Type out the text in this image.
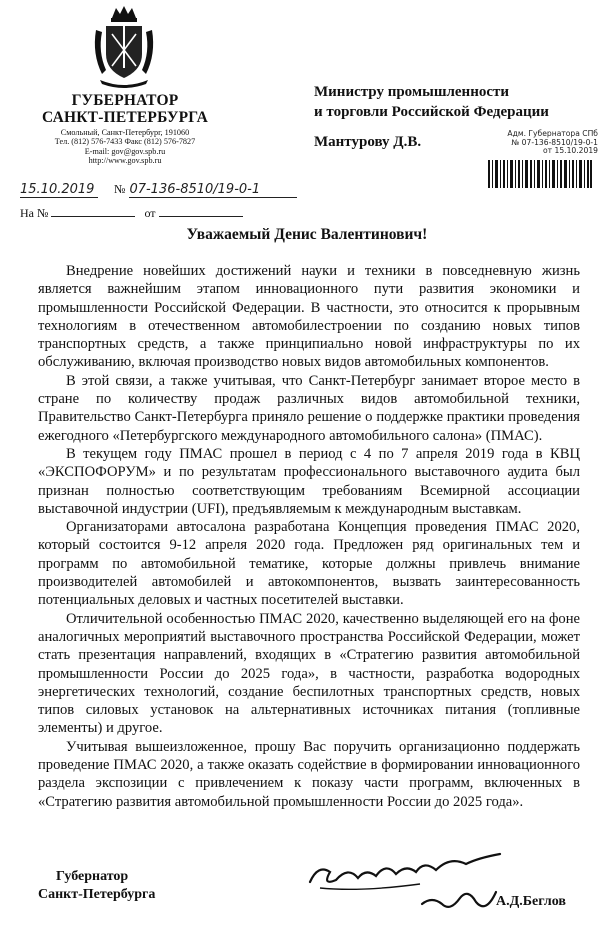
ГУБЕРНАТОР
САНКТ-ПЕТЕРБУРГА
Смольный, Санкт-Петербург, 191060
Тел. (812) 576-7433 Факс (812) 576-7827
E-mail: gov@gov.spb.ru
http://www.gov.spb.ru
15.10.2019 № 07-136-8510/19-0-1
На №	от
Министру промышленности
и торговли Российской Федерации
Мантурову Д.В.
Адм. Губернатора СПб
№ 07-136-8510/19-0-1
от 15.10.2019
Уважаемый Денис Валентинович!

Внедрение новейших достижений науки и техники в повседневную жизнь является важнейшим этапом инновационного пути развития экономики и промышленности Российской Федерации. В частности, это относится к прорывным технологиям в отечественном автомобилестроении по созданию новых типов транспортных средств, а также принципиально новой инфраструктуры по их обслуживанию, включая производство новых видов автомобильных компонентов.

В этой связи, а также учитывая, что Санкт-Петербург занимает второе место в стране по количеству продаж различных видов автомобильной техники, Правительство Санкт-Петербурга приняло решение о поддержке практики проведения ежегодного «Петербургского международного автомобильного салона» (ПМАС).

В текущем году ПМАС прошел в период с 4 по 7 апреля 2019 года в КВЦ «ЭКСПОФОРУМ» и по результатам профессионального выставочного аудита был признан полностью соответствующим требованиям Всемирной ассоциации выставочной индустрии (UFI), предъявляемым к международным выставкам.

Организаторами автосалона разработана Концепция проведения ПМАС 2020, который состоится 9-12 апреля 2020 года. Предложен ряд оригинальных тем и программ по автомобильной тематике, которые должны привлечь внимание производителей автомобилей и автокомпонентов, вызвать заинтересованность потенциальных деловых и частных посетителей выставки.

Отличительной особенностью ПМАС 2020, качественно выделяющей его на фоне аналогичных мероприятий выставочного пространства Российской Федерации, может стать презентация направлений, входящих в «Стратегию развития автомобильной промышленности России до 2025 года», в частности, разработка водородных энергетических технологий, создание беспилотных транспортных средств, новых типов силовых установок на альтернативных источниках питания (топливные элементы) и другое.

Учитывая вышеизложенное, прошу Вас поручить организационно поддержать проведение ПМАС 2020, а также оказать содействие в формировании инновационного раздела экспозиции с привлечением к показу части программ, включенных в «Стратегию развития автомобильной промышленности России до 2025 года».

Губернатор
Санкт-Петербурга	А.Д.Беглов
